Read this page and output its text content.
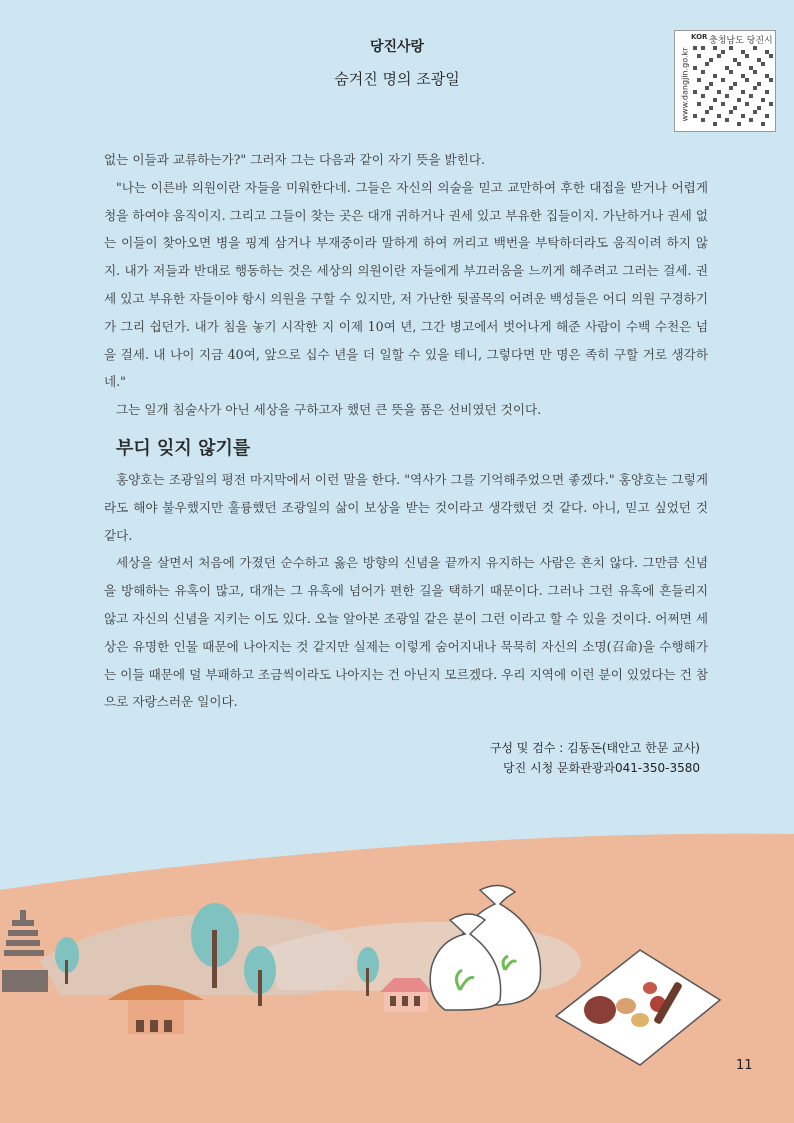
당진사랑
숨겨진 명의 조광일
KOR 충청남도 당진시
www.dangjin.go.kr

없는 이들과 교류하는가?" 그러자 그는 다음과 같이 자기 뜻을 밝힌다.

"나는 이른바 의원이란 자들을 미워한다네. 그들은 자신의 의술을 믿고 교만하여 후한 대접을 받거나 어렵게 청을 하여야 움직이지. 그리고 그들이 찾는 곳은 대개 귀하거나 권세 있고 부유한 집들이지. 가난하거나 권세 없는 이들이 찾아오면 병을 핑계 삼거나 부재중이라 말하게 하여 꺼리고 백번을 부탁하더라도 움직이려 하지 않지. 내가 저들과 반대로 행동하는 것은 세상의 의원이란 자들에게 부끄러움을 느끼게 해주려고 그러는 걸세. 권세 있고 부유한 자들이야 항시 의원을 구할 수 있지만, 저 가난한 뒷골목의 어려운 백성들은 어디 의원 구경하기가 그리 쉽던가. 내가 침을 놓기 시작한 지 이제 10여 년, 그간 병고에서 벗어나게 해준 사람이 수백 수천은 넘을 걸세. 내 나이 지금 40여, 앞으로 십수 년을 더 일할 수 있을 테니, 그렇다면 만 명은 족히 구할 거로 생각하네."

그는 일개 침술사가 아닌 세상을 구하고자 했던 큰 뜻을 품은 선비였던 것이다.

부디 잊지 않기를

홍양호는 조광일의 평전 마지막에서 이런 말을 한다. "역사가 그를 기억해주었으면 좋겠다." 홍양호는 그렇게라도 해야 불우했지만 훌륭했던 조광일의 삶이 보상을 받는 것이라고 생각했던 것 같다. 아니, 믿고 싶었던 것 같다.

세상을 살면서 처음에 가졌던 순수하고 옳은 방향의 신념을 끝까지 유지하는 사람은 흔치 않다. 그만큼 신념을 방해하는 유혹이 많고, 대개는 그 유혹에 넘어가 편한 길을 택하기 때문이다. 그러나 그런 유혹에 흔들리지 않고 자신의 신념을 지키는 이도 있다. 오늘 알아본 조광일 같은 분이 그런 이라고 할 수 있을 것이다. 어쩌면 세상은 유명한 인물 때문에 나아지는 것 같지만 실제는 이렇게 숨어지내나 묵묵히 자신의 소명(召命)을 수행해가는 이들 때문에 덜 부패하고 조금씩이라도 나아지는 건 아닌지 모르겠다. 우리 지역에 이런 분이 있었다는 건 참으로 자랑스러운 일이다.

구성 및 검수 : 김동돈(태안고 한문 교사)
당진 시청 문화관광과041-350-3580
11
